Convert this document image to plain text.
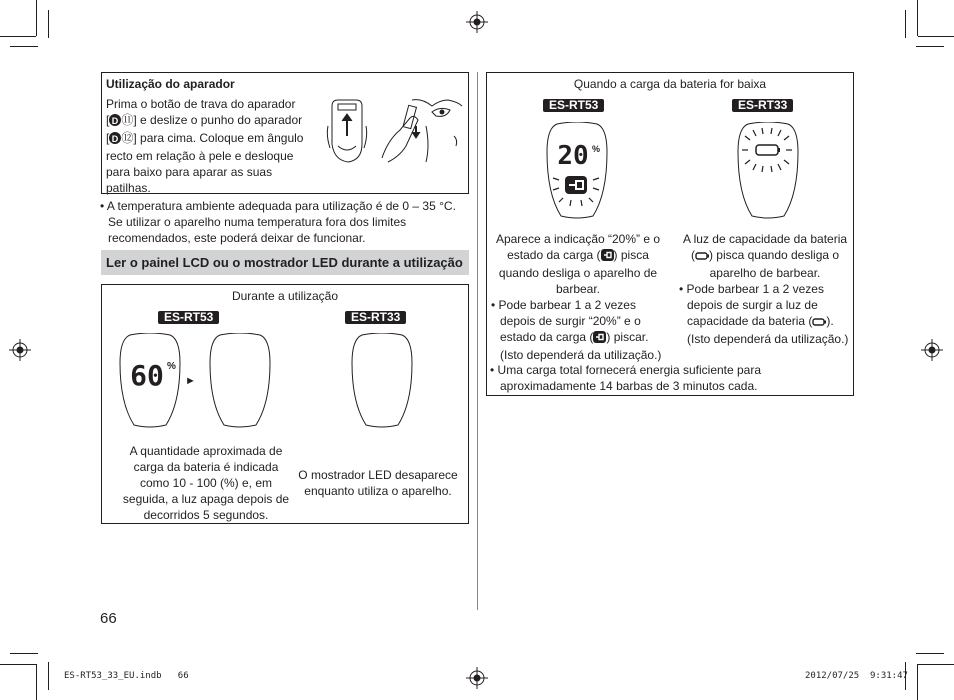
Utilização do aparador
Prima o botão de trava do aparador
[ D ⑪] e deslize o punho do aparador
[ D ⑫] para cima. Coloque em ângulo
recto em relação à pele e desloque
para baixo para aparar as suas
patilhas.
• A temperatura ambiente adequada para utilização é de 0 – 35 °C.
Se utilizar o aparelho numa temperatura fora dos limites
recomendados, este poderá deixar de funcionar.
Ler o painel LCD ou o mostrador LED durante a utilização
Durante a utilização
ES-RT53	ES-RT33
60 %
►
A quantidade aproximada de
carga da bateria é indicada
como 10 - 100 (%) e, em
seguida, a luz apaga depois de
decorridos 5 segundos.
O mostrador LED desaparece
enquanto utiliza o aparelho.
66
Quando a carga da bateria for baixa
ES-RT53	ES-RT33
20 %
Aparece a indicação “20%” e o
estado da carga ( ) pisca
quando desliga o aparelho de
barbear.
• Pode barbear 1 a 2 vezes
depois de surgir “20%” e o
estado da carga ( ) piscar.
(Isto dependerá da utilização.)
A luz de capacidade da bateria
( ) pisca quando desliga o
aparelho de barbear.
• Pode barbear 1 a 2 vezes
depois de surgir a luz de
capacidade da bateria ( ).
(Isto dependerá da utilização.)
• Uma carga total fornecerá energia suficiente para
aproximadamente 14 barbas de 3 minutos cada.
ES-RT53_33_EU.indb   66	2012/07/25 9:31:47
